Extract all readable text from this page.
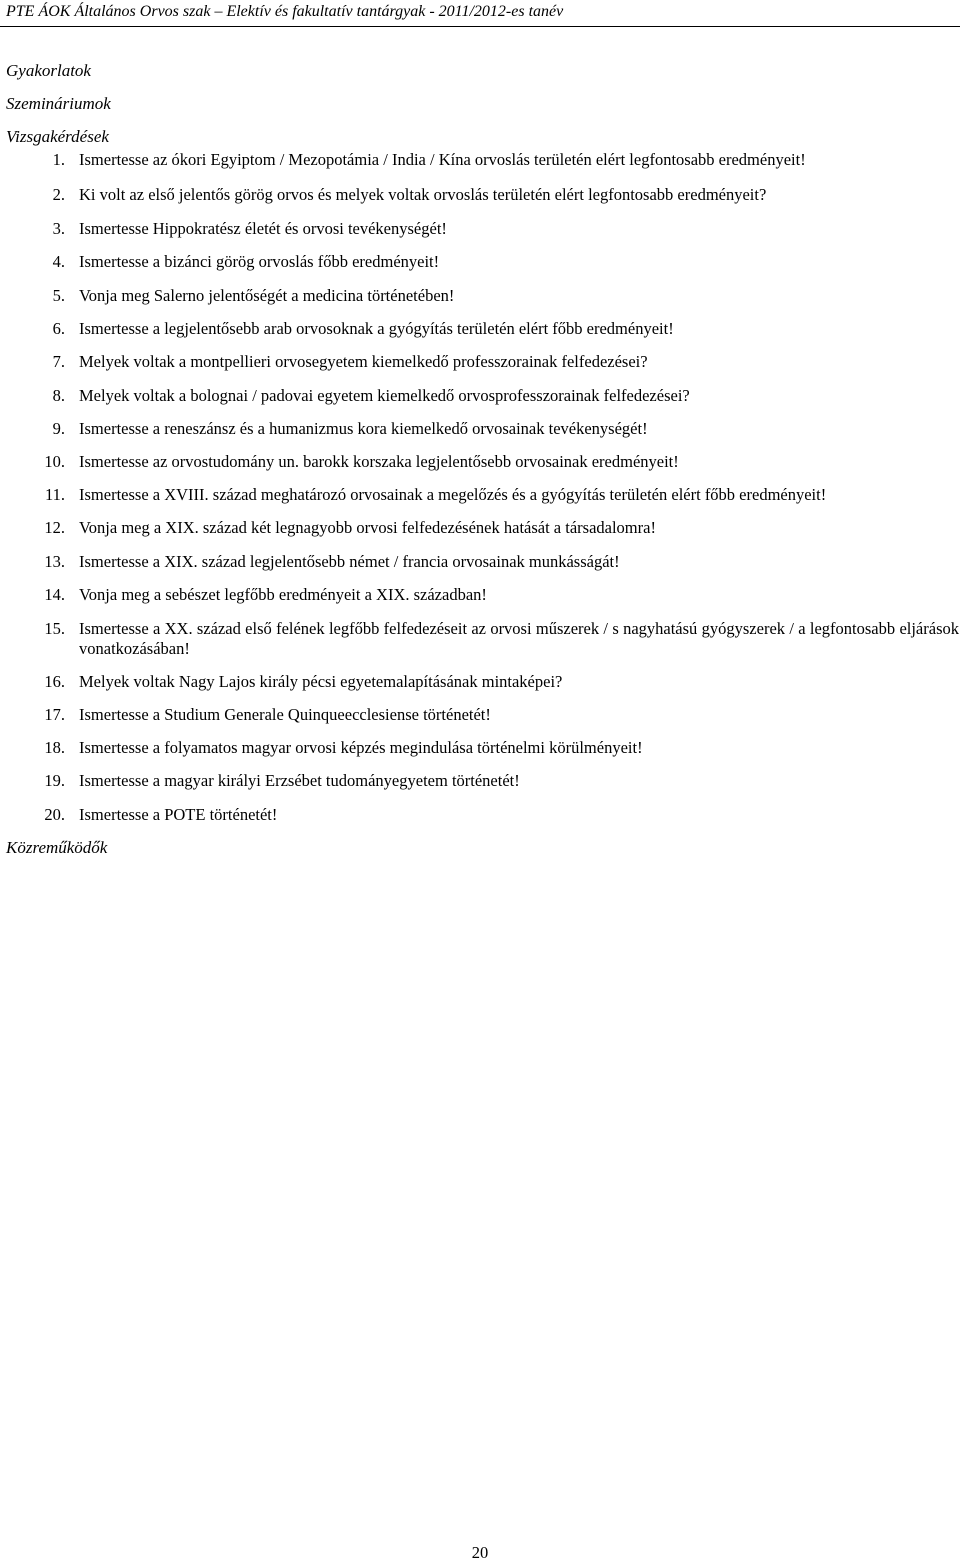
PTE ÁOK Általános Orvos szak – Elektív és fakultatív tantárgyak - 2011/2012-es tanév
Gyakorlatok
Szemináriumok
Vizsgakérdések
1. Ismertesse az ókori Egyiptom / Mezopotámia / India / Kína orvoslás területén elért legfontosabb eredményeit!
2. Ki volt az első jelentős görög orvos és melyek voltak orvoslás területén elért legfontosabb eredményeit?
3. Ismertesse Hippokratész életét és orvosi tevékenységét!
4. Ismertesse a bizánci görög orvoslás főbb eredményeit!
5. Vonja meg Salerno jelentőségét a medicina történetében!
6. Ismertesse a legjelentősebb arab orvosoknak a gyógyítás területén elért főbb eredményeit!
7. Melyek voltak a montpellieri orvosegyetem kiemelkedő professzorainak felfedezései?
8. Melyek voltak a bolognai / padovai egyetem kiemelkedő orvosprofesszorainak felfedezései?
9. Ismertesse a reneszánsz és a humanizmus kora kiemelkedő orvosainak tevékenységét!
10. Ismertesse az orvostudomány un. barokk korszaka legjelentősebb orvosainak eredményeit!
11. Ismertesse a XVIII. század meghatározó orvosainak a megelőzés és a gyógyítás területén elért főbb eredményeit!
12. Vonja meg a XIX. század két legnagyobb orvosi felfedezésének hatását a társadalomra!
13. Ismertesse a XIX. század legjelentősebb német / francia orvosainak munkásságát!
14. Vonja meg a sebészet legfőbb eredményeit a XIX. században!
15. Ismertesse a XX. század első felének legfőbb felfedezéseit az orvosi műszerek / s nagyhatású gyógyszerek / a legfontosabb eljárások vonatkozásában!
16. Melyek voltak Nagy Lajos király pécsi egyetemalapításának mintaképei?
17. Ismertesse a Studium Generale Quinqueecclesiense történetét!
18. Ismertesse a folyamatos magyar orvosi képzés megindulása történelmi körülményeit!
19. Ismertesse a magyar királyi Erzsébet tudományegyetem történetét!
20. Ismertesse a POTE történetét!
Közreműködők
20
